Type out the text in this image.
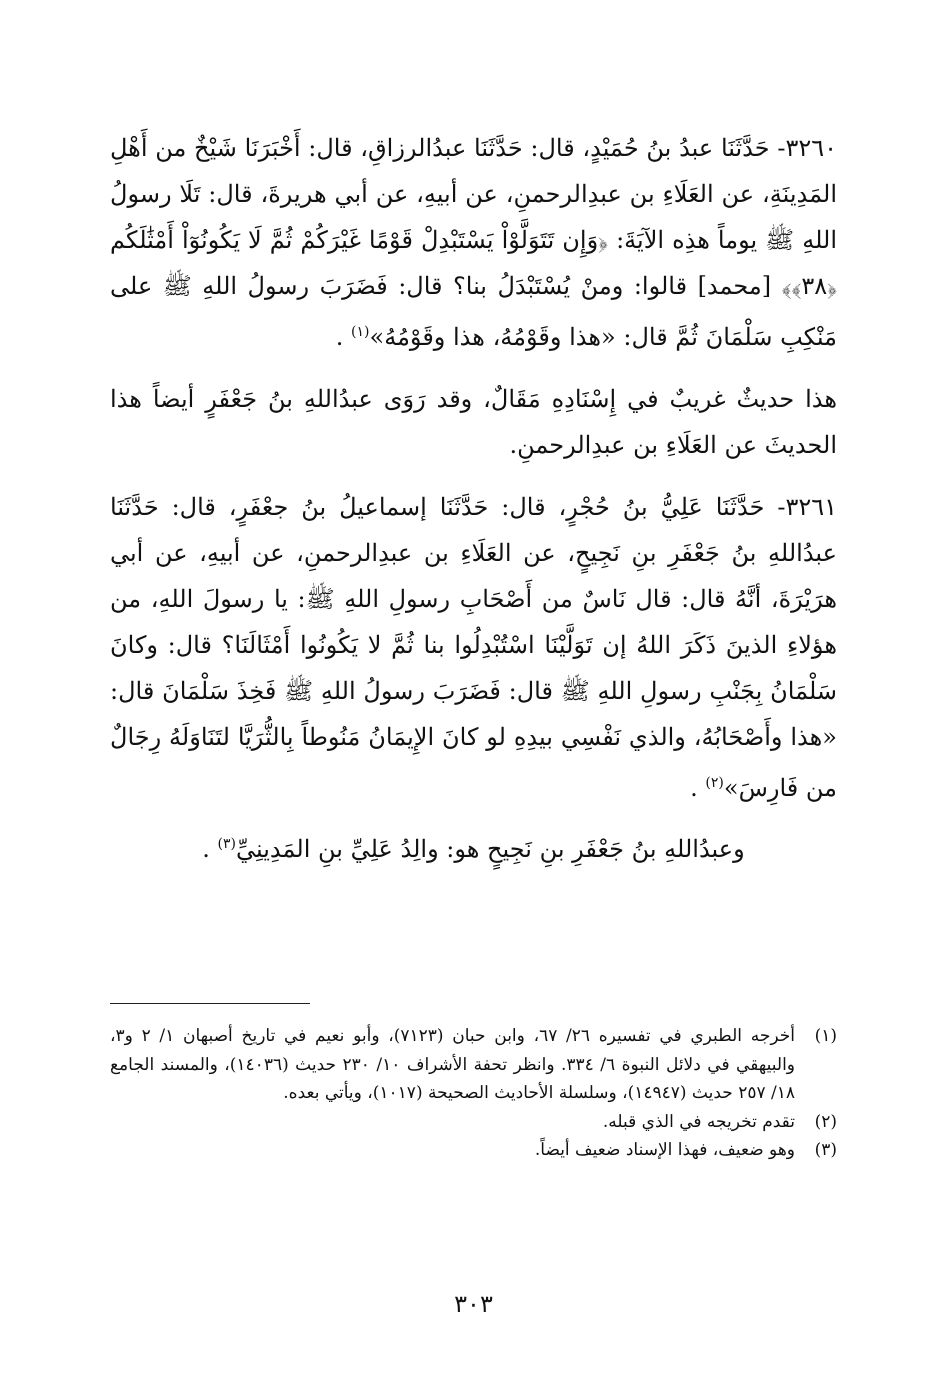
٣٢٦٠- حَدَّثَنَا عبدُ بنُ حُمَيْدٍ، قال: حَدَّثَنَا عبدُالرزاقِ، قال: أَخْبَرَنَا شَيْخٌ من أَهْلِ المَدِينَةِ، عن العَلَاءِ بن عبدِالرحمنِ، عن أبيهِ، عن أبي هريرةَ، قال: تَلَا رسولُ اللهِ ﷺ يوماً هذِه الآيَةَ: ﴿وَإِن تَتَوَلَّوْاْ يَسْتَبْدِلْ قَوْمًا غَيْرَكُمْ ثُمَّ لَا يَكُونُوٓاْ أَمْثَٰلَكُم ﴿٣٨﴾﴾ [محمد] قالوا: ومنْ يُسْتَبْدَلُ بنا؟ قال: فَضَرَبَ رسولُ اللهِ ﷺ على مَنْكِبِ سَلْمَانَ ثُمَّ قال: «هذا وقَوْمُهُ، هذا وقَوْمُهُ»$^{(١)}$ .

هذا حديثٌ غريبٌ في إِسْنَادِهِ مَقَالٌ، وقد رَوَى عبدُاللهِ بنُ جَعْفَرٍ أيضاً هذا الحديثَ عن العَلَاءِ بن عبدِالرحمنِ.

٣٢٦١- حَدَّثَنَا عَلِيُّ بنُ حُجْرٍ، قال: حَدَّثَنَا إسماعيلُ بنُ جعْفَرٍ، قال: حَدَّثَنَا عبدُاللهِ بنُ جَعْفَرِ بنِ نَجِيحٍ، عن العَلَاءِ بن عبدِالرحمنِ، عن أبيهِ، عن أبي هرَيْرَةَ، أنَّهُ قال: قال نَاسٌ من أَصْحَابِ رسولِ اللهِ ﷺ: يا رسولَ اللهِ، من هؤلاءِ الذينَ ذَكَرَ اللهُ إن تَوَلَّيْنَا اسْتُبْدِلُوا بنا ثُمَّ لا يَكُونُوا أَمْثَالَنَا؟ قال: وكانَ سَلْمَانُ بِجَنْبِ رسولِ اللهِ ﷺ قال: فَضَرَبَ رسولُ اللهِ ﷺ فَخِذَ سَلْمَانَ قال: «هذا وأَصْحَابُهُ، والذي نَفْسِي بيدِهِ لو كانَ الإِيمَانُ مَنُوطاً بِالثُّرَيَّا لتَنَاوَلَهُ رِجَالٌ من فَارِسَ»$^{(٢)}$ .

وعبدُاللهِ بنُ جَعْفَرِ بنِ نَجِيحٍ هو: والِدُ عَلِيِّ بنِ المَدِينِيِّ$^{(٣)}$ .

(١)
أخرجه الطبري في تفسيره ٢٦/ ٦٧، وابن حبان (٧١٢٣)، وأبو نعيم في تاريخ أصبهان ١/ ٢ و٣، والبيهقي في دلائل النبوة ٦/ ٣٣٤. وانظر تحفة الأشراف ١٠/ ٢٣٠ حديث (١٤٠٣٦)، والمسند الجامع ١٨/ ٢٥٧ حديث (١٤٩٤٧)، وسلسلة الأحاديث الصحيحة (١٠١٧)، ويأتي بعده.

(٢)
تقدم تخريجه في الذي قبله.

(٣)
وهو ضعيف، فهذا الإسناد ضعيف أيضاً.

٣٠٣
